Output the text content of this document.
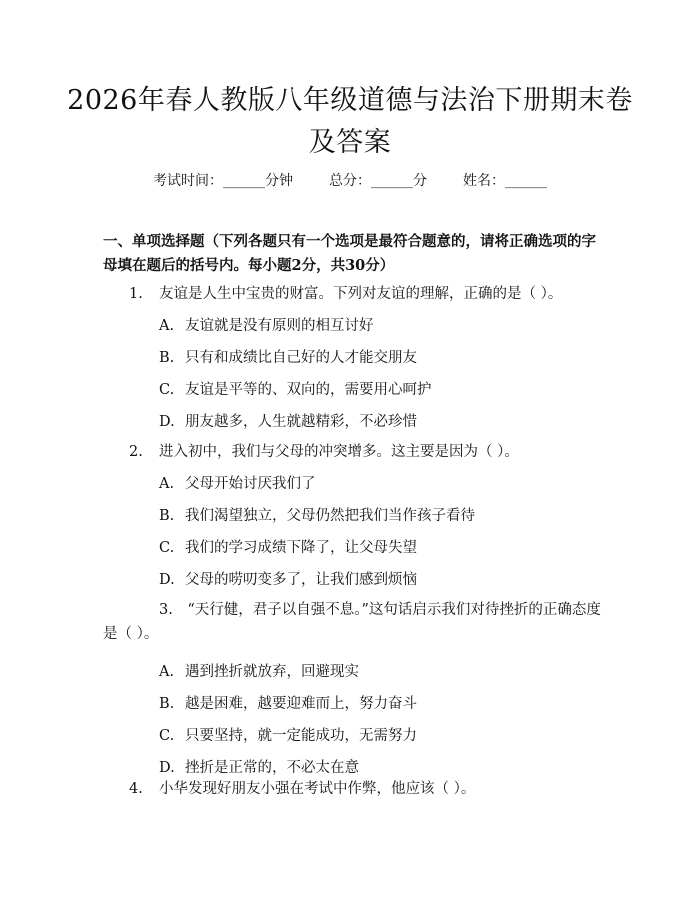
2026年春人教版八年级道德与法治下册期末卷及答案
考试时间：______分钟	总分：______分	姓名：______
一、单项选择题（下列各题只有一个选项是最符合题意的，请将正确选项的字母填在题后的括号内。每小题2分，共30分）
1.	友谊是人生中宝贵的财富。下列对友谊的理解，正确的是（ ）。
A. 友谊就是没有原则的相互讨好
B. 只有和成绩比自己好的人才能交朋友
C. 友谊是平等的、双向的，需要用心呵护
D. 朋友越多，人生就越精彩，不必珍惜
2.	进入初中，我们与父母的冲突增多。这主要是因为（ ）。
A. 父母开始讨厌我们了
B. 我们渴望独立，父母仍然把我们当作孩子看待
C. 我们的学习成绩下降了，让父母失望
D. 父母的唠叨变多了，让我们感到烦恼
3.　“天行健，君子以自强不息。”这句话启示我们对待挫折的正确态度是（ ）。
A. 遇到挫折就放弃，回避现实
B. 越是困难，越要迎难而上，努力奋斗
C. 只要坚持，就一定能成功，无需努力
D. 挫折是正常的，不必太在意
4.	小华发现好朋友小强在考试中作弊，他应该（ ）。
